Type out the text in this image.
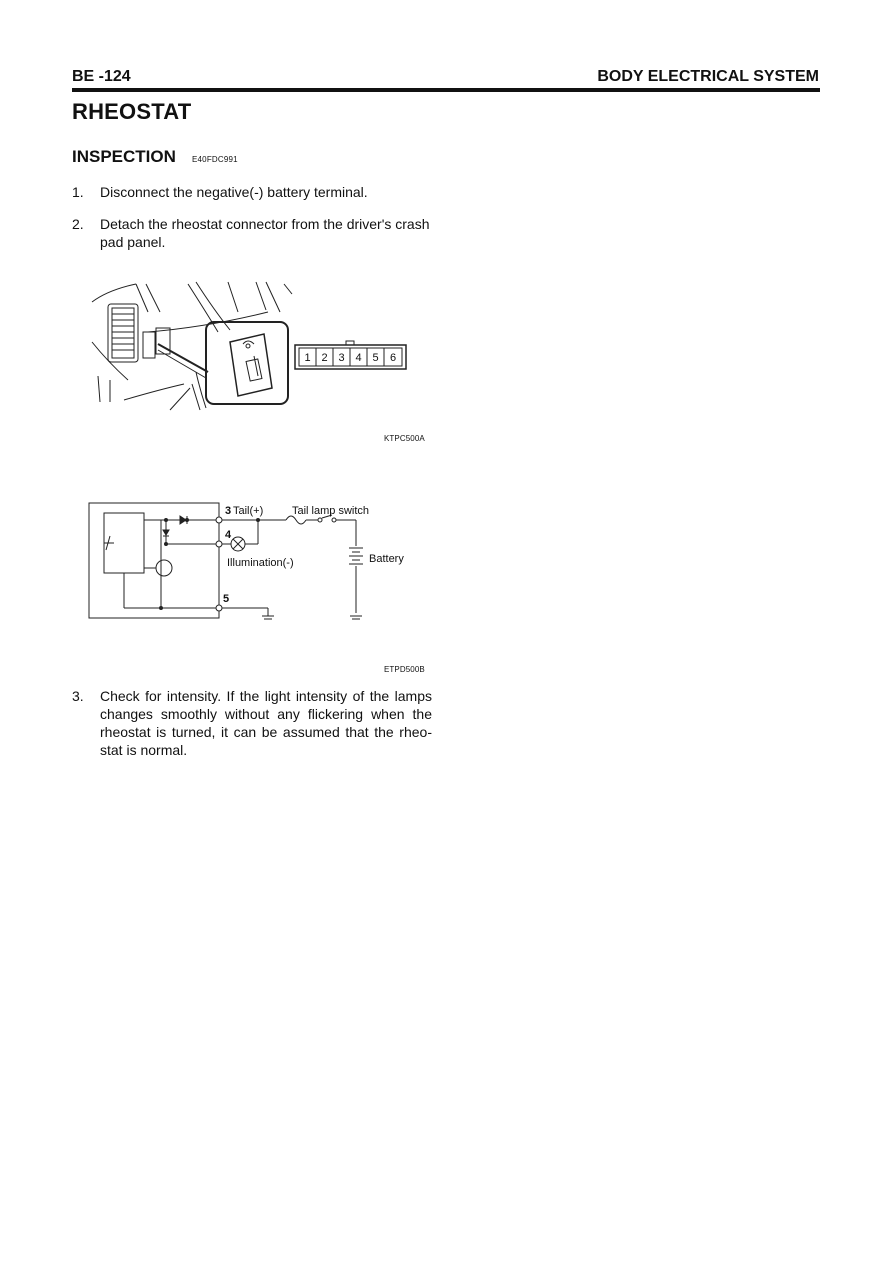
BE -124	BODY ELECTRICAL SYSTEM
RHEOSTAT
INSPECTION E40FDC991
1. Disconnect the negative(-) battery terminal.
2. Detach the rheostat connector from the driver's crash pad panel.
1 2 3 4 5 6
KTPC500A
3 Tail(+)	Tail lamp switch
4
Illumination(-)	Battery
5
ETPD500B
3. Check for intensity. If the light intensity of the lamps changes smoothly without any flickering when the rheostat is turned, it can be assumed that the rheo-stat is normal.
